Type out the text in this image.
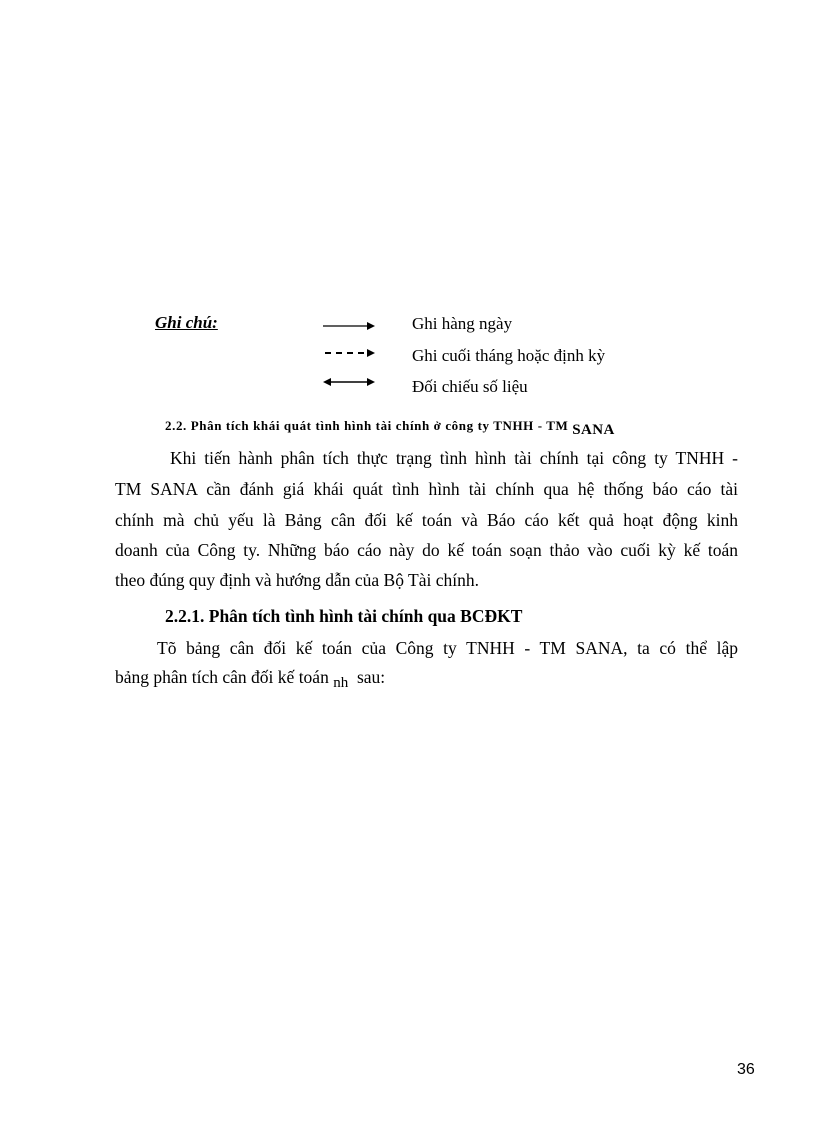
Ghi chú:	Ghi hàng ngày
Ghi cuối tháng hoặc định kỳ
Đối chiếu số liệu
2.2. Phân tích khái quát tình hình tài chính ở công ty TNHH - TM SANA
Khi tiến hành phân tích thực trạng tình hình tài chính tại công ty TNHH -
TM SANA cần đánh giá khái quát tình hình tài chính qua hệ thống báo cáo tài
chính mà chủ yếu là Bảng cân đối kế toán và Báo cáo kết quả hoạt động kinh
doanh của Công ty. Những báo cáo này do kế toán soạn thảo vào cuối kỳ kế toán
theo đúng quy định và hướng dẫn của Bộ Tài chính.
2.2.1. Phân tích tình hình tài chính qua BCĐKT
Tõ bảng cân đối kế toán của Công ty TNHH - TM SANA, ta có thể lập
bảng phân tích cân đối kế toán nh  sau:
36
